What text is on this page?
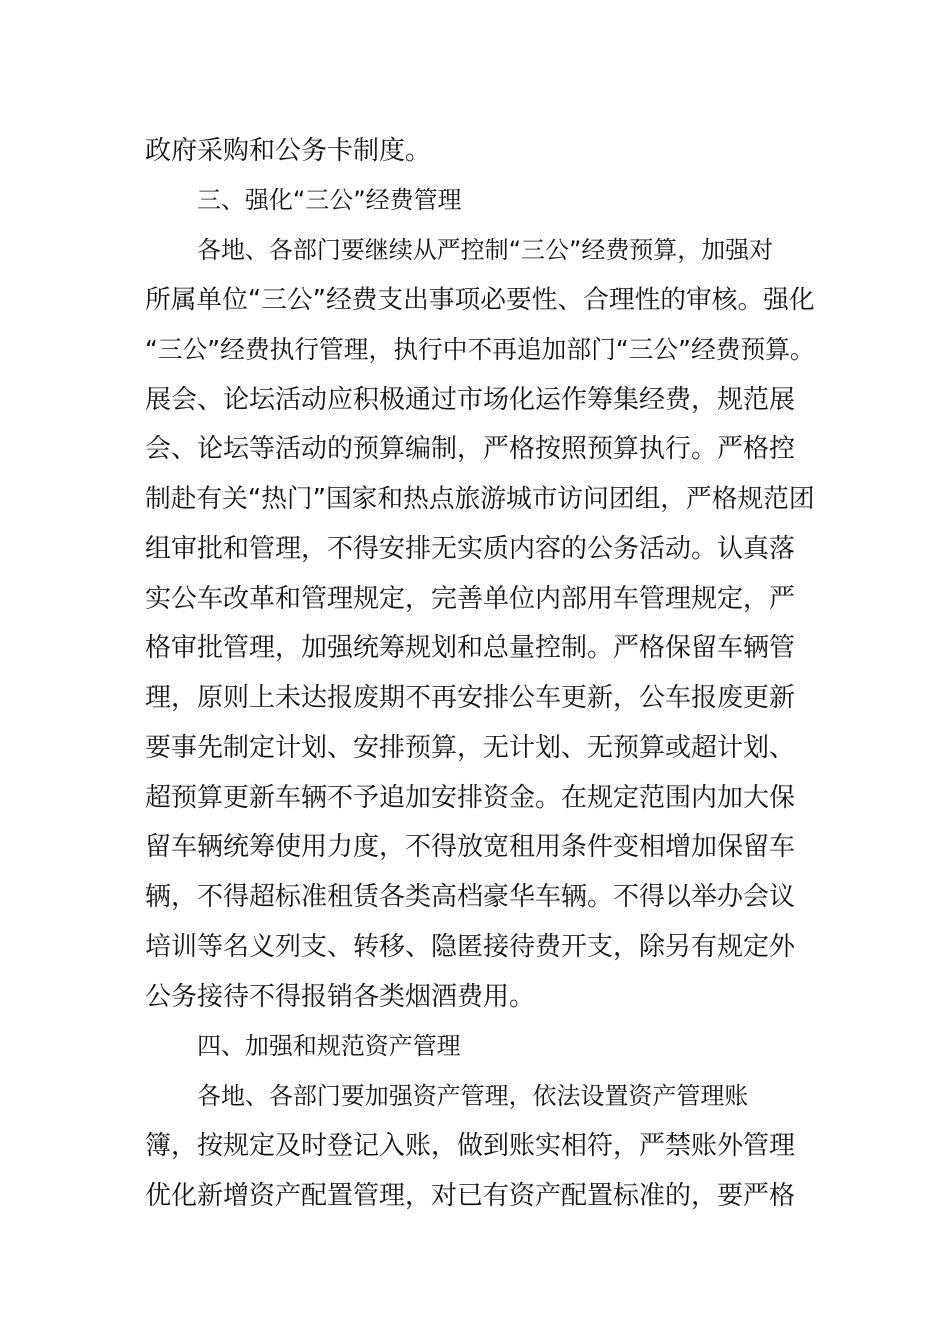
政府采购和公务卡制度。
三、强化“三公”经费管理
各地、各部门要继续从严控制“三公”经费预算，加强对
所属单位“三公”经费支出事项必要性、合理性的审核。强化
“三公”经费执行管理，执行中不再追加部门“三公”经费预算。
展会、论坛活动应积极通过市场化运作筹集经费，规范展
会、论坛等活动的预算编制，严格按照预算执行。严格控
制赴有关“热门”国家和热点旅游城市访问团组，严格规范团
组审批和管理，不得安排无实质内容的公务活动。认真落
实公车改革和管理规定，完善单位内部用车管理规定，严
格审批管理，加强统筹规划和总量控制。严格保留车辆管
理，原则上未达报废期不再安排公车更新，公车报废更新
要事先制定计划、安排预算，无计划、无预算或超计划、
超预算更新车辆不予追加安排资金。在规定范围内加大保
留车辆统筹使用力度，不得放宽租用条件变相增加保留车
辆，不得超标准租赁各类高档豪华车辆。不得以举办会议
培训等名义列支、转移、隐匿接待费开支，除另有规定外
公务接待不得报销各类烟酒费用。
四、加强和规范资产管理
各地、各部门要加强资产管理，依法设置资产管理账
簿，按规定及时登记入账，做到账实相符，严禁账外管理
优化新增资产配置管理，对已有资产配置标准的，要严格
